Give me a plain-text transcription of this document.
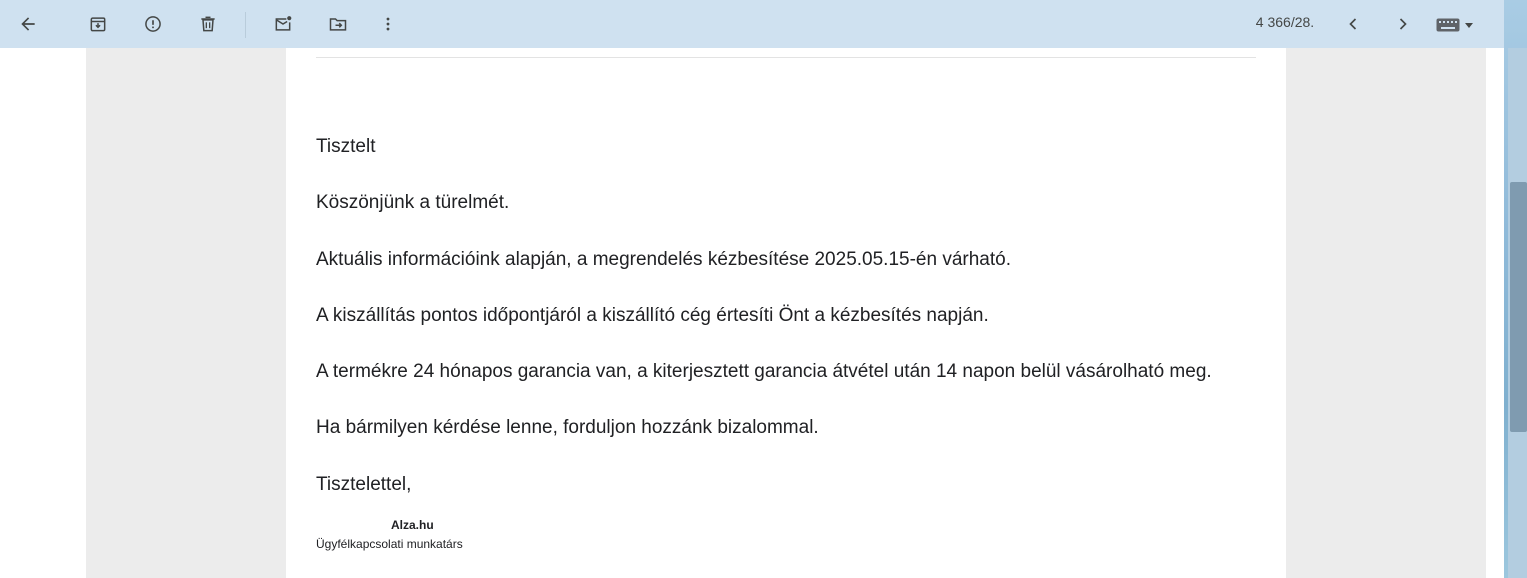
4 366/28.
Tisztelt
Köszönjünk a türelmét.
Aktuális információink alapján, a megrendelés kézbesítése 2025.05.15-én várható.
A kiszállítás pontos időpontjáról a kiszállító cég értesíti Önt a kézbesítés napján.
A termékre 24 hónapos garancia van, a kiterjesztett garancia átvétel után 14 napon belül vásárolható meg.
Ha bármilyen kérdése lenne, forduljon hozzánk bizalommal.
Tisztelettel,
Alza.hu
Ügyfélkapcsolati munkatárs
